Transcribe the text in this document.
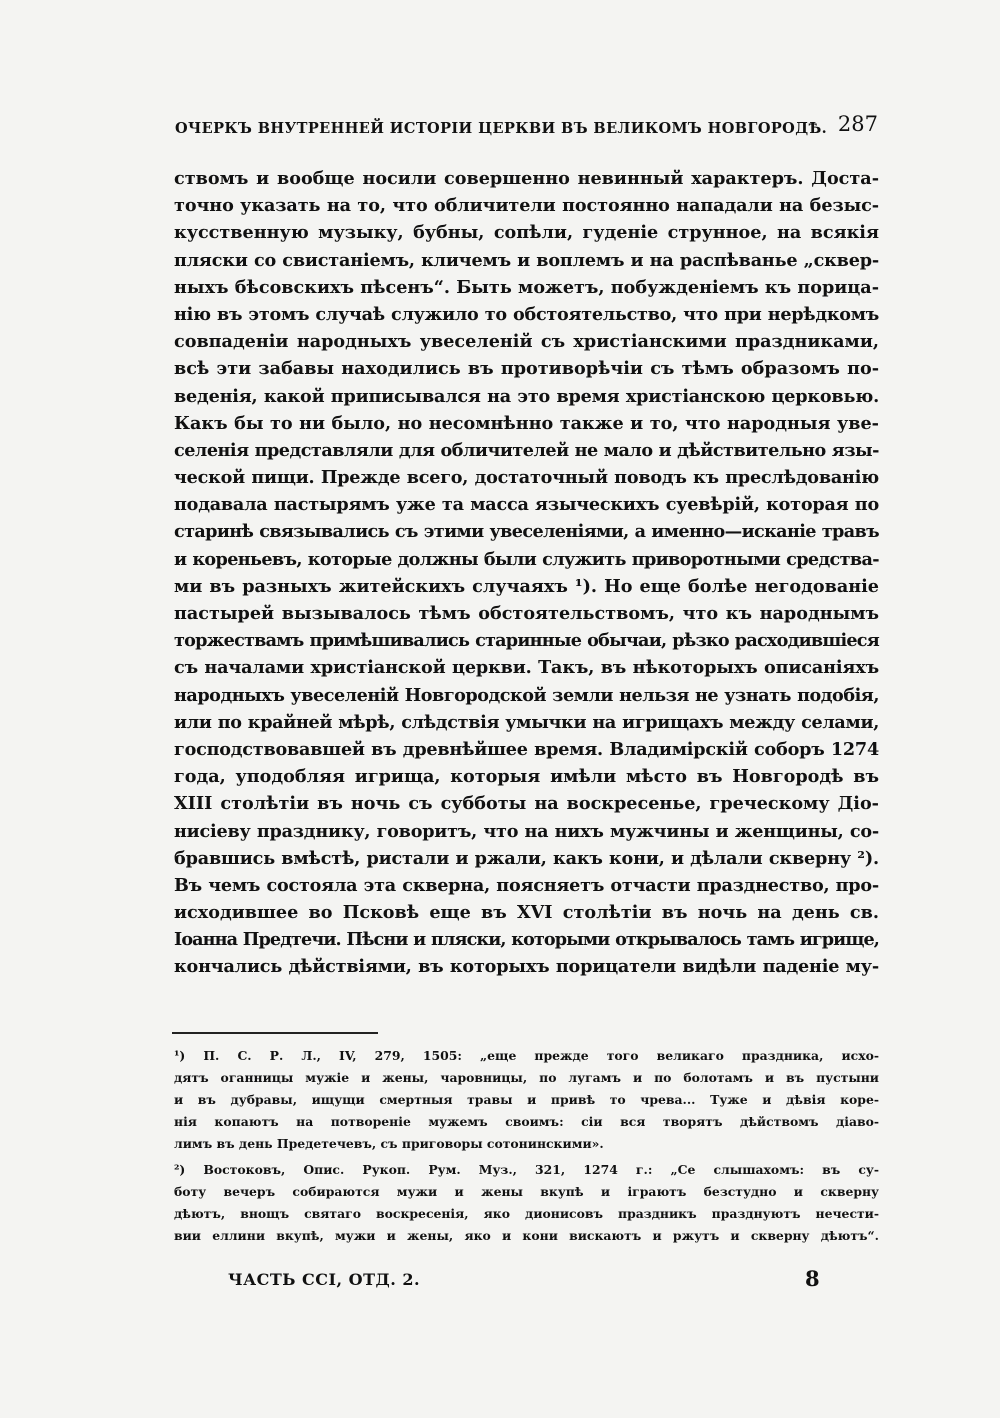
ОЧЕРКЪ ВНУТРЕННЕЙ ИСТОРIИ ЦЕРКВИ ВЪ ВЕЛИКОМЪ НОВГОРОДѢ. 287
ствомъ и вообще носили совершенно невинный характеръ. Доста-
точно указать на то, что обличители постоянно нападали на безыс-
кусственную музыку, бубны, сопѣли, гуденiе струнное, на всякiя
пляски со свистанiемъ, кличемъ и воплемъ и на распѣванье „сквер-
ныхъ бѣсовскихъ пѣсенъ“. Быть можетъ, побужденiемъ къ порица-
нiю въ этомъ случаѣ служило то обстоятельство, что при нерѣдкомъ
совпаденiи народныхъ увеселенiй съ христiанскими праздниками,
всѣ эти забавы находились въ противорѣчiи съ тѣмъ образомъ по-
веденiя, какой приписывался на это время христiанскою церковью.
Какъ бы то ни было, но несомнѣнно также и то, что народныя уве-
селенiя представляли для обличителей не мало и дѣйствительно язы-
ческой пищи. Прежде всего, достаточный поводъ къ преслѣдованiю
подавала пастырямъ уже та масса языческихъ суевѣрiй, которая по
старинѣ связывались съ этими увеселенiями, а именно—исканiе травъ
и кореньевъ, которые должны были служить приворотными средства-
ми въ разныхъ житейскихъ случаяхъ ¹). Но еще болѣе негодованiе
пастырей вызывалось тѣмъ обстоятельствомъ, что къ народнымъ
торжествамъ примѣшивались старинные обычаи, рѣзко расходившiеся
съ началами христiанской церкви. Такъ, въ нѣкоторыхъ описанiяхъ
народныхъ увеселенiй Новгородской земли нельзя не узнать подобiя,
или по крайней мѣрѣ, слѣдствiя умычки на игрищахъ между селами,
господствовавшей въ древнѣйшее время. Владимiрскiй соборъ 1274
года, уподобляя игрища, которыя имѣли мѣсто въ Новгородѣ въ
XIII столѣтiи въ ночь съ субботы на воскресенье, греческому Дiо-
нисiеву празднику, говоритъ, что на нихъ мужчины и женщины, со-
бравшись вмѣстѣ, ристали и ржали, какъ кони, и дѣлали скверну ²).
Въ чемъ состояла эта скверна, поясняетъ отчасти празднество, про-
исходившее во Псковѣ еще въ XVI столѣтiи въ ночь на день св.
Iоанна Предтечи. Пѣсни и пляски, которыми открывалось тамъ игрище,
кончались дѣйствiями, въ которыхъ порицатели видѣли паденiе му-
¹) П. С. Р. Л., IV, 279, 1505: „еще прежде того великаго праздника, исхо-
дятъ оганницы мужiе и жены, чаровницы, по лугамъ и по болотамъ и въ пустыни
и въ дубравы, ищущи смертныя травы и привѣ то чрева... Туже и дѣвiя коре-
нiя копаютъ на потворенiе мужемъ своимъ: сiи вся творятъ дѣйствомъ дiаво-
лимъ въ день Предетечевъ, съ приговоры сотонинскими».
²) Востоковъ, Опис. Рукоп. Рум. Муз., 321, 1274 г.: „Се слышахомъ: въ су-
боту вечеръ собираются мужи и жены вкупѣ и iграютъ безстудно и скверну
дѣютъ, внощъ святаго воскресенiя, яко дионисовъ праздникъ празднуютъ нечести-
вии еллини вкупѣ, мужи и жены, яко и кони вискаютъ и ржутъ и скверну дѣютъ“.
ЧАСТЬ CCI, ОТД. 2.	8
